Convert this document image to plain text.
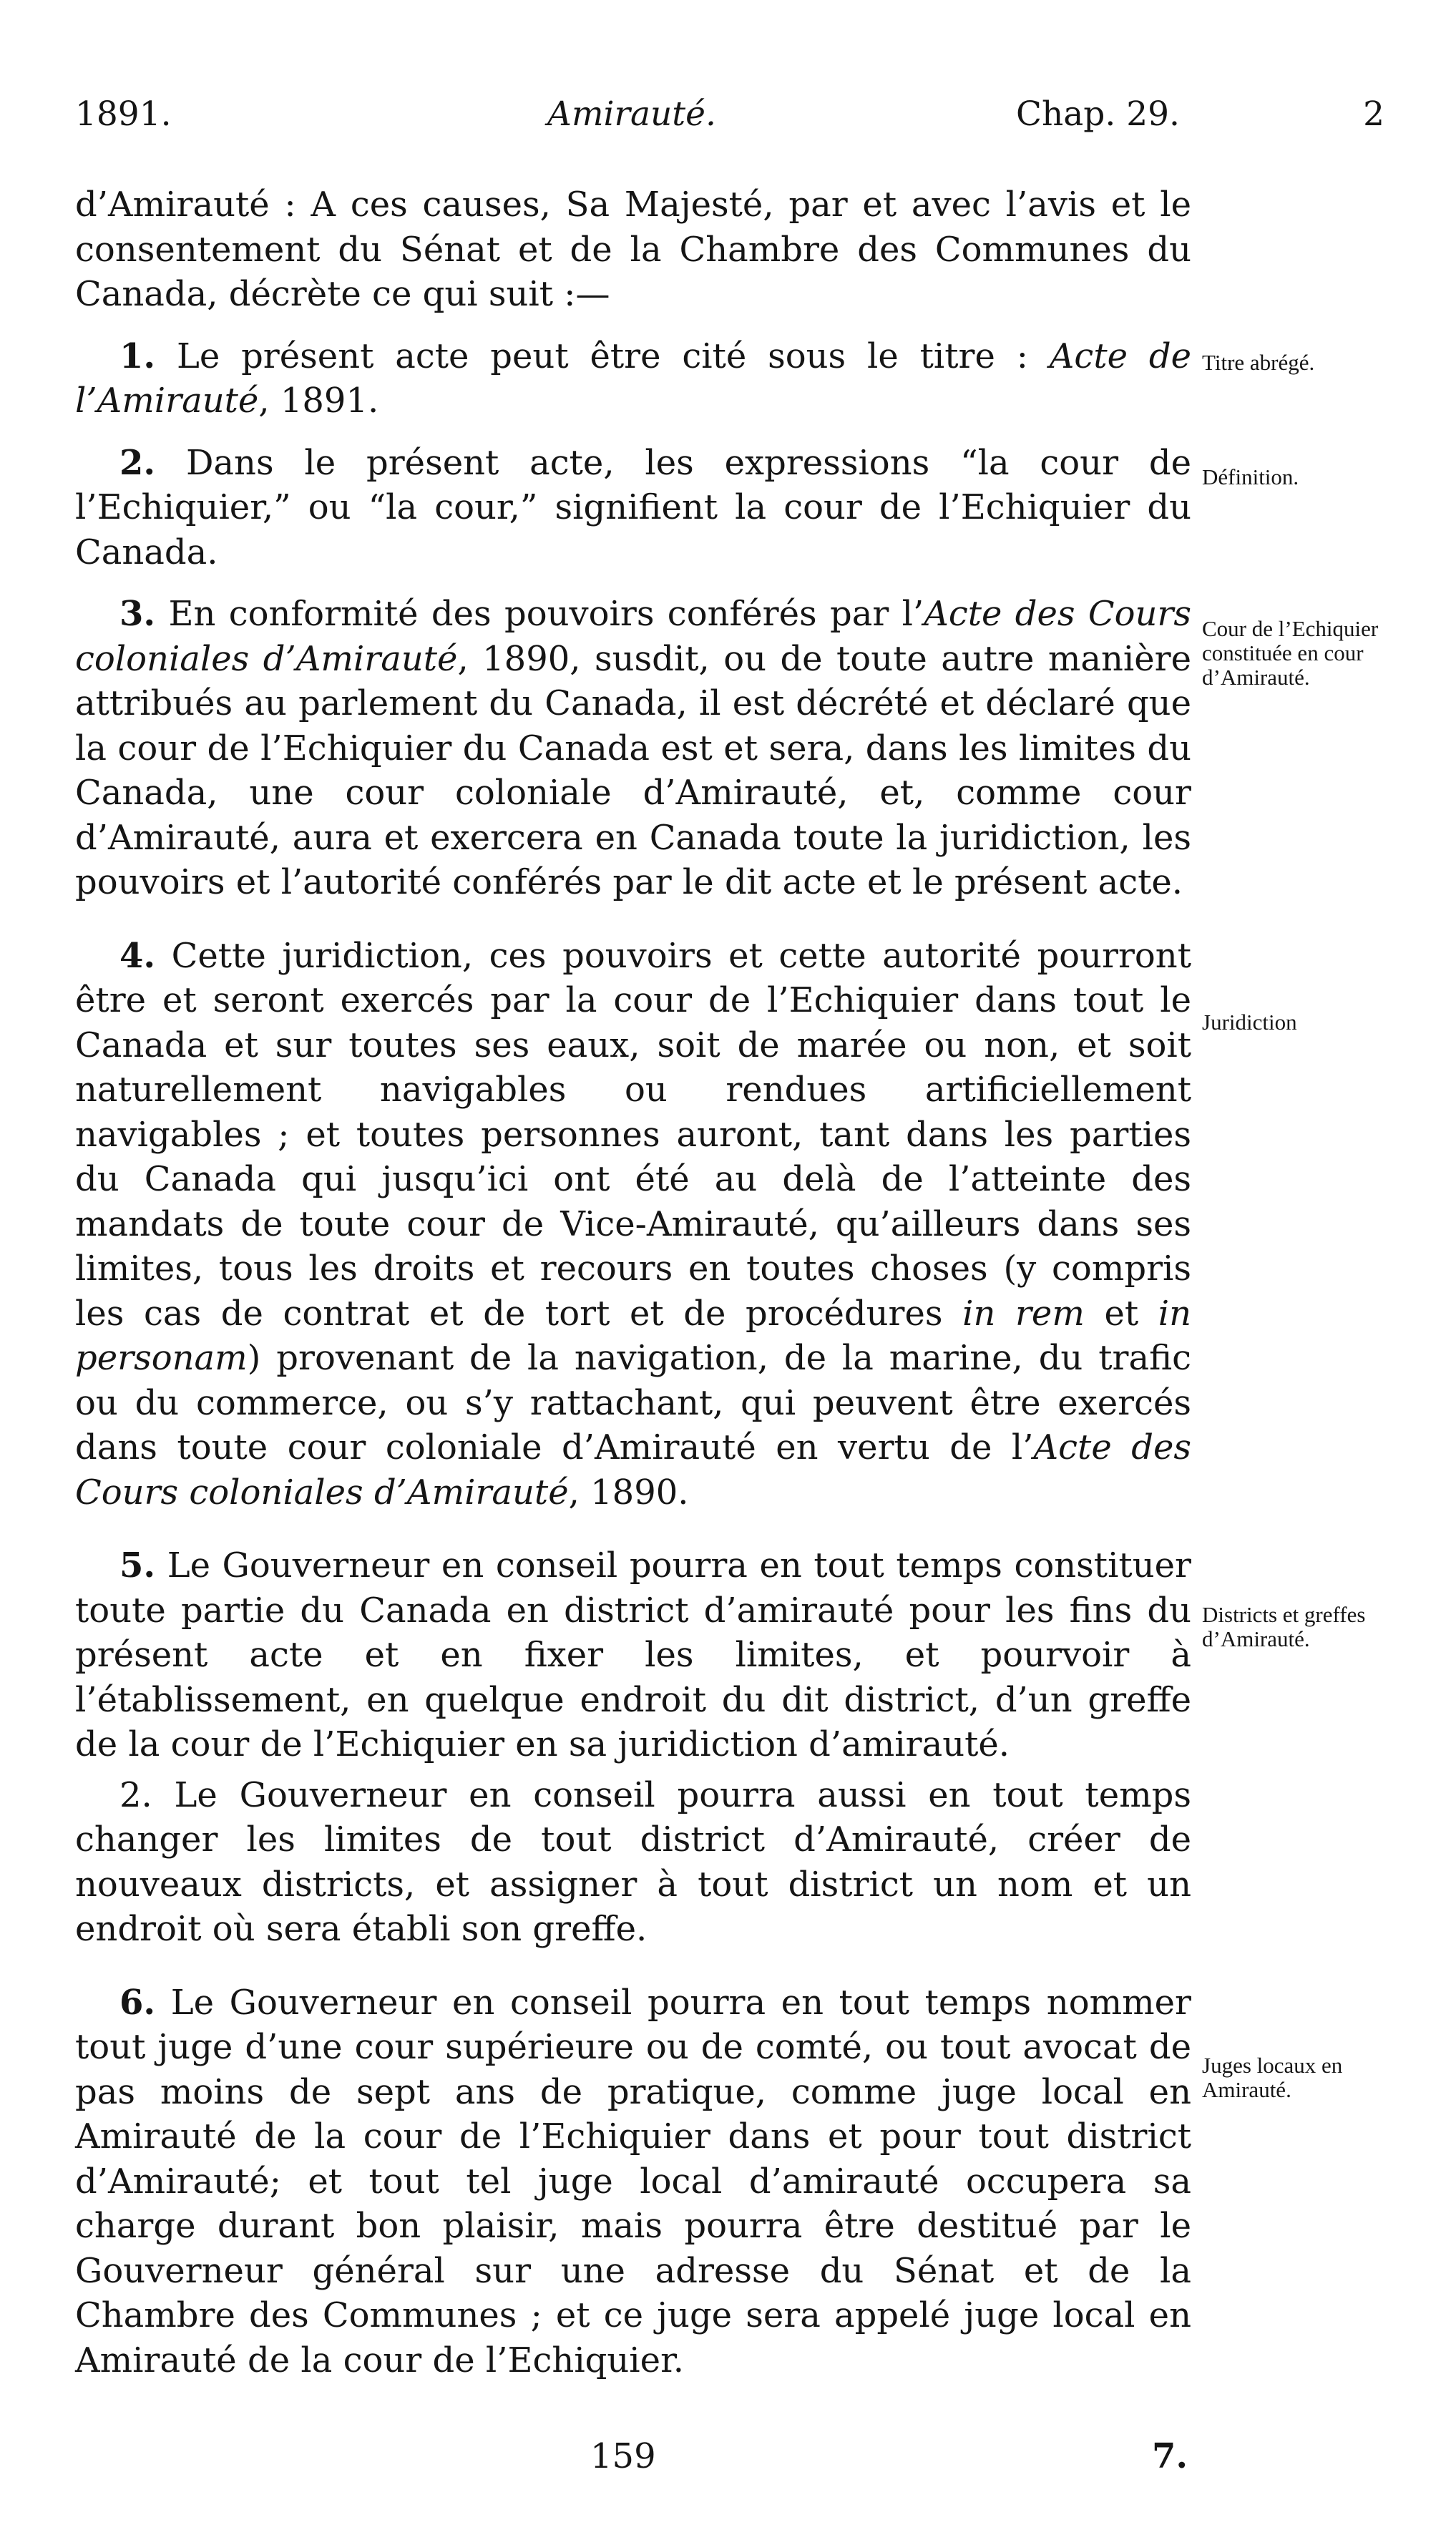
1891.	Amirauté.	Chap. 29.	2

d’Amirauté : A ces causes, Sa Majesté, par et avec l’avis et le consentement du Sénat et de la Chambre des Communes du Canada, décrète ce qui suit :—

1. Le présent acte peut être cité sous le titre : Acte de l’Amirauté, 1891.

2. Dans le présent acte, les expressions “la cour de l’Echiquier,” ou “la cour,” signifient la cour de l’Echiquier du Canada.

3. En conformité des pouvoirs conférés par l’Acte des Cours coloniales d’Amirauté, 1890, susdit, ou de toute autre manière attribués au parlement du Canada, il est décrété et déclaré que la cour de l’Echiquier du Canada est et sera, dans les limites du Canada, une cour coloniale d’Amirauté, et, comme cour d’Amirauté, aura et exercera en Canada toute la juridiction, les pouvoirs et l’autorité conférés par le dit acte et le présent acte.

4. Cette juridiction, ces pouvoirs et cette autorité pourront être et seront exercés par la cour de l’Echiquier dans tout le Canada et sur toutes ses eaux, soit de marée ou non, et soit naturellement navigables ou rendues artificiellement navigables ; et toutes personnes auront, tant dans les parties du Canada qui jusqu’ici ont été au delà de l’atteinte des mandats de toute cour de Vice-Amirauté, qu’ailleurs dans ses limites, tous les droits et recours en toutes choses (y compris les cas de contrat et de tort et de procédures in rem et in personam) provenant de la navigation, de la marine, du trafic ou du commerce, ou s’y rattachant, qui peuvent être exercés dans toute cour coloniale d’Amirauté en vertu de l’Acte des Cours coloniales d’Amirauté, 1890.

5. Le Gouverneur en conseil pourra en tout temps constituer toute partie du Canada en district d’amirauté pour les fins du présent acte et en fixer les limites, et pourvoir à l’établissement, en quelque endroit du dit district, d’un greffe de la cour de l’Echiquier en sa juridiction d’amirauté.

2. Le Gouverneur en conseil pourra aussi en tout temps changer les limites de tout district d’Amirauté, créer de nouveaux districts, et assigner à tout district un nom et un endroit où sera établi son greffe.

6. Le Gouverneur en conseil pourra en tout temps nommer tout juge d’une cour supérieure ou de comté, ou tout avocat de pas moins de sept ans de pratique, comme juge local en Amirauté de la cour de l’Echiquier dans et pour tout district d’Amirauté; et tout tel juge local d’amirauté occupera sa charge durant bon plaisir, mais pourra être destitué par le Gouverneur général sur une adresse du Sénat et de la Chambre des Communes ; et ce juge sera appelé juge local en Amirauté de la cour de l’Echiquier.

Titre abrégé.
Définition.
Cour de l’Echiquier constituée en cour d’Amirauté.
Juridiction
Districts et greffes d’Amirauté.
Juges locaux en Amirauté.
159	7.
